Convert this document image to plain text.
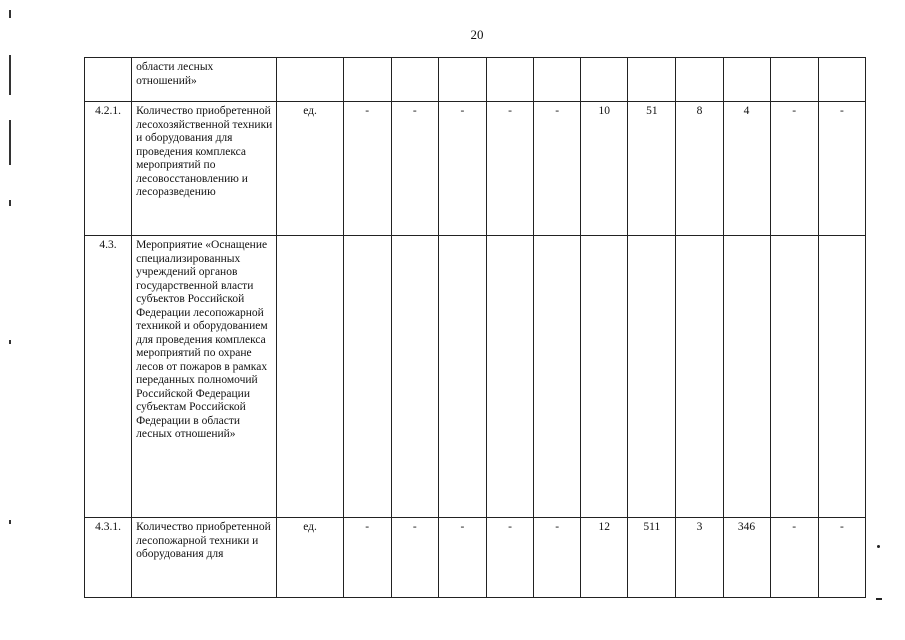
20
	области лесных отношений»												
4.2.1.	Количество приобретенной лесохозяйственной техники и оборудования для проведения комплекса мероприятий по лесовосстановлению и лесоразведению	ед.	-	-	-	-	-	10	51	8	4	-	-
4.3.	Мероприятие «Оснащение специализированных учреждений органов государственной власти субъектов Российской Федерации лесопожарной техникой и оборудованием для проведения комплекса мероприятий по охране лесов от пожаров в рамках переданных полномочий Российской Федерации субъектам Российской Федерации в области лесных отношений»												
4.3.1.	Количество приобретенной лесопожарной техники и оборудования для	ед.	-	-	-	-	-	12	511	3	346	-	-
